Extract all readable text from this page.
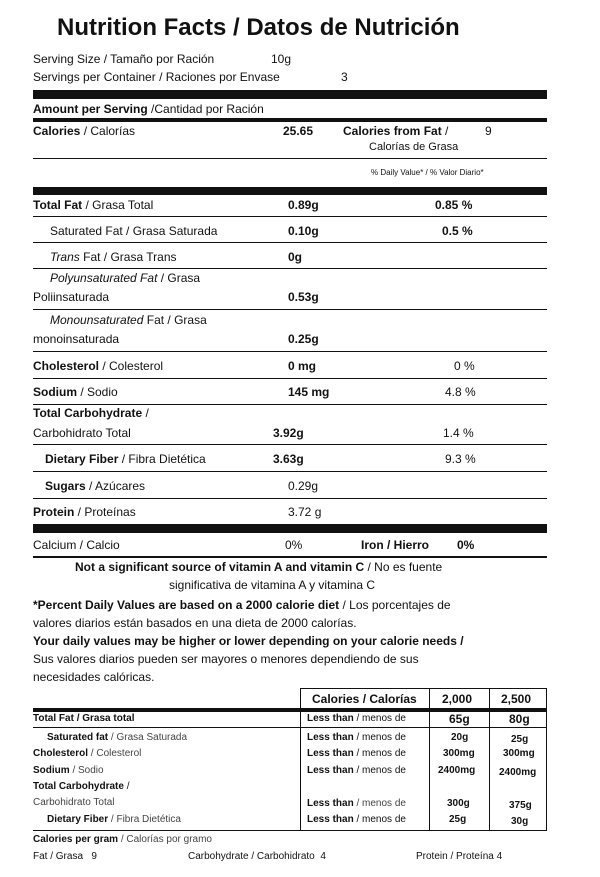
Nutrition Facts / Datos de Nutrición
Serving Size / Tamaño por Ración	10g
Servings per Container / Raciones por Envase	3
Amount per Serving /Cantidad por Ración
Calories / Calorías	25.65 Calories from Fat /	9
Calorías de Grasa
% Daily Value* / % Valor Diario*
Total Fat / Grasa Total	0.89g	0.85 %
Saturated Fat / Grasa Saturada	0.10g	0.5 %
Trans Fat / Grasa Trans	0g
Polyunsaturated Fat / Grasa
Poliinsaturada	0.53g
Monounsaturated Fat / Grasa
monoinsaturada	0.25g
Cholesterol / Colesterol	0 mg	0 %
Sodium / Sodio	145 mg	4.8 %
Total Carbohydrate /
Carbohidrato Total	3.92g	1.4 %
Dietary Fiber / Fibra Dietética	3.63g	9.3 %
Sugars / Azúcares	0.29g
Protein / Proteínas	3.72 g
Calcium / Calcio	0%	Iron / Hierro 0%
Not a significant source of vitamin A and vitamin C / No es fuente
significativa de vitamina A y vitamina C
*Percent Daily Values are based on a 2000 calorie diet / Los porcentajes de
valores diarios están basados en una dieta de 2000 calorías.
Your daily values may be higher or lower depending on your calorie needs /
Sus valores diarios pueden ser mayores o menores dependiendo de sus
necesidades calóricas.
Calories / Calorías 2,000 2,500
Total Fat / Grasa total	Less than / menos de	65g	80g
Saturated fat / Grasa Saturada	Less than / menos de	20g	25g
Cholesterol / Colesterol	Less than / menos de	300mg	300mg
Sodium / Sodio	Less than / menos de	2400mg 2400mg
Total Carbohydrate /
Carbohidrato Total	Less than / menos de	300g	375g
Dietary Fiber / Fibra Dietética	Less than / menos de	25g	30g
Calories per gram / Calorías por gramo
Fat / Grasa 9	Carbohydrate / Carbohidrato 4	Protein / Proteína 4
